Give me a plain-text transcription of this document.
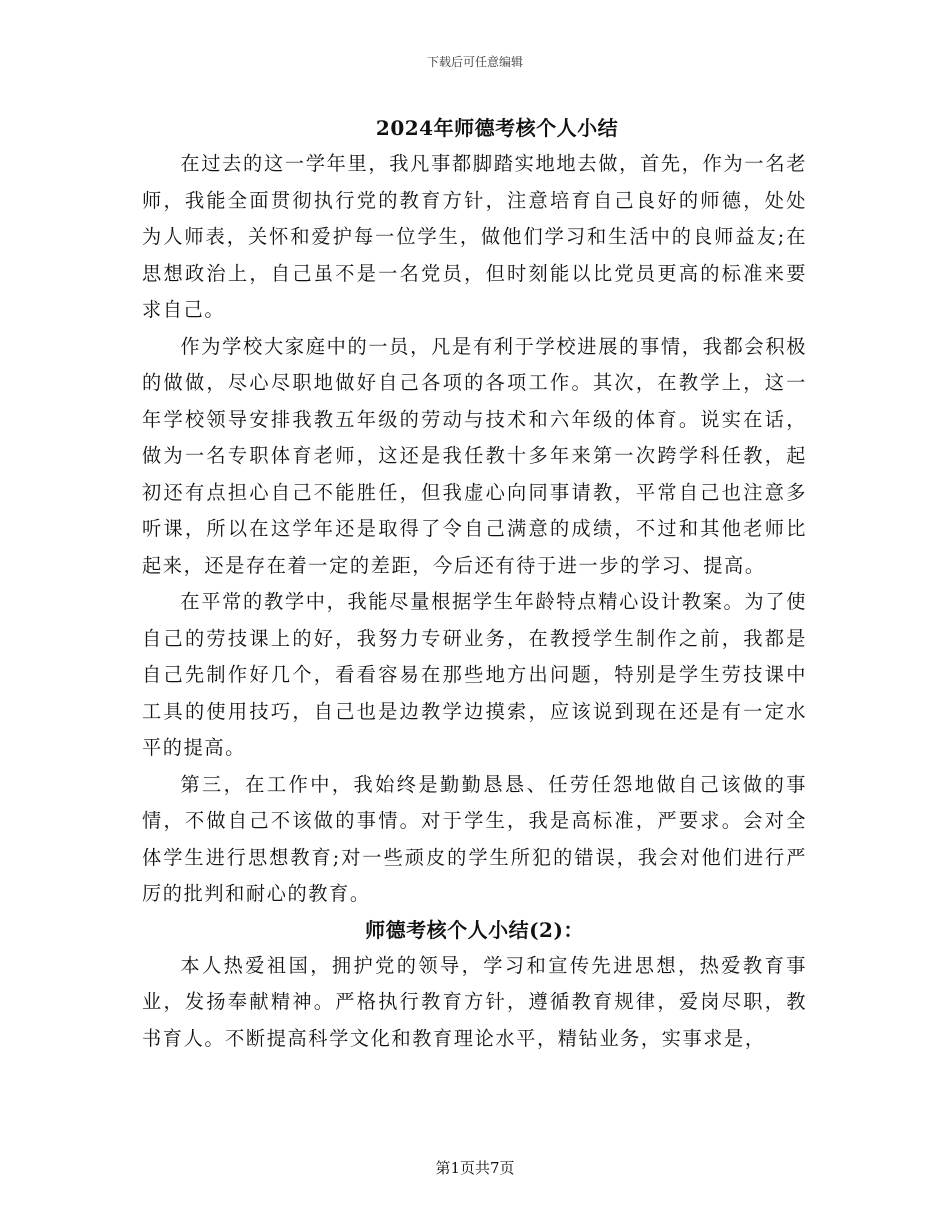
下载后可任意编辑
2024年师德考核个人小结

在过去的这一学年里，我凡事都脚踏实地地去做，首先，作为一名老师，我能全面贯彻执行党的教育方针，注意培育自己良好的师德，处处为人师表，关怀和爱护每一位学生，做他们学习和生活中的良师益友;在思想政治上，自己虽不是一名党员，但时刻能以比党员更高的标准来要求自己。

作为学校大家庭中的一员，凡是有利于学校进展的事情，我都会积极的做做，尽心尽职地做好自己各项的各项工作。其次，在教学上，这一年学校领导安排我教五年级的劳动与技术和六年级的体育。说实在话，做为一名专职体育老师，这还是我任教十多年来第一次跨学科任教，起初还有点担心自己不能胜任，但我虚心向同事请教，平常自己也注意多听课，所以在这学年还是取得了令自己满意的成绩，不过和其他老师比起来，还是存在着一定的差距，今后还有待于进一步的学习、提高。

在平常的教学中，我能尽量根据学生年龄特点精心设计教案。为了使自己的劳技课上的好，我努力专研业务，在教授学生制作之前，我都是自己先制作好几个，看看容易在那些地方出问题，特别是学生劳技课中工具的使用技巧，自己也是边教学边摸索，应该说到现在还是有一定水平的提高。

第三，在工作中，我始终是勤勤恳恳、任劳任怨地做自己该做的事情，不做自己不该做的事情。对于学生，我是高标准，严要求。会对全体学生进行思想教育;对一些顽皮的学生所犯的错误，我会对他们进行严厉的批判和耐心的教育。

师德考核个人小结(2)：

本人热爱祖国，拥护党的领导，学习和宣传先进思想，热爱教育事业，发扬奉献精神。严格执行教育方针，遵循教育规律，爱岗尽职，教书育人。不断提高科学文化和教育理论水平，精钻业务，实事求是，

第1页共7页
